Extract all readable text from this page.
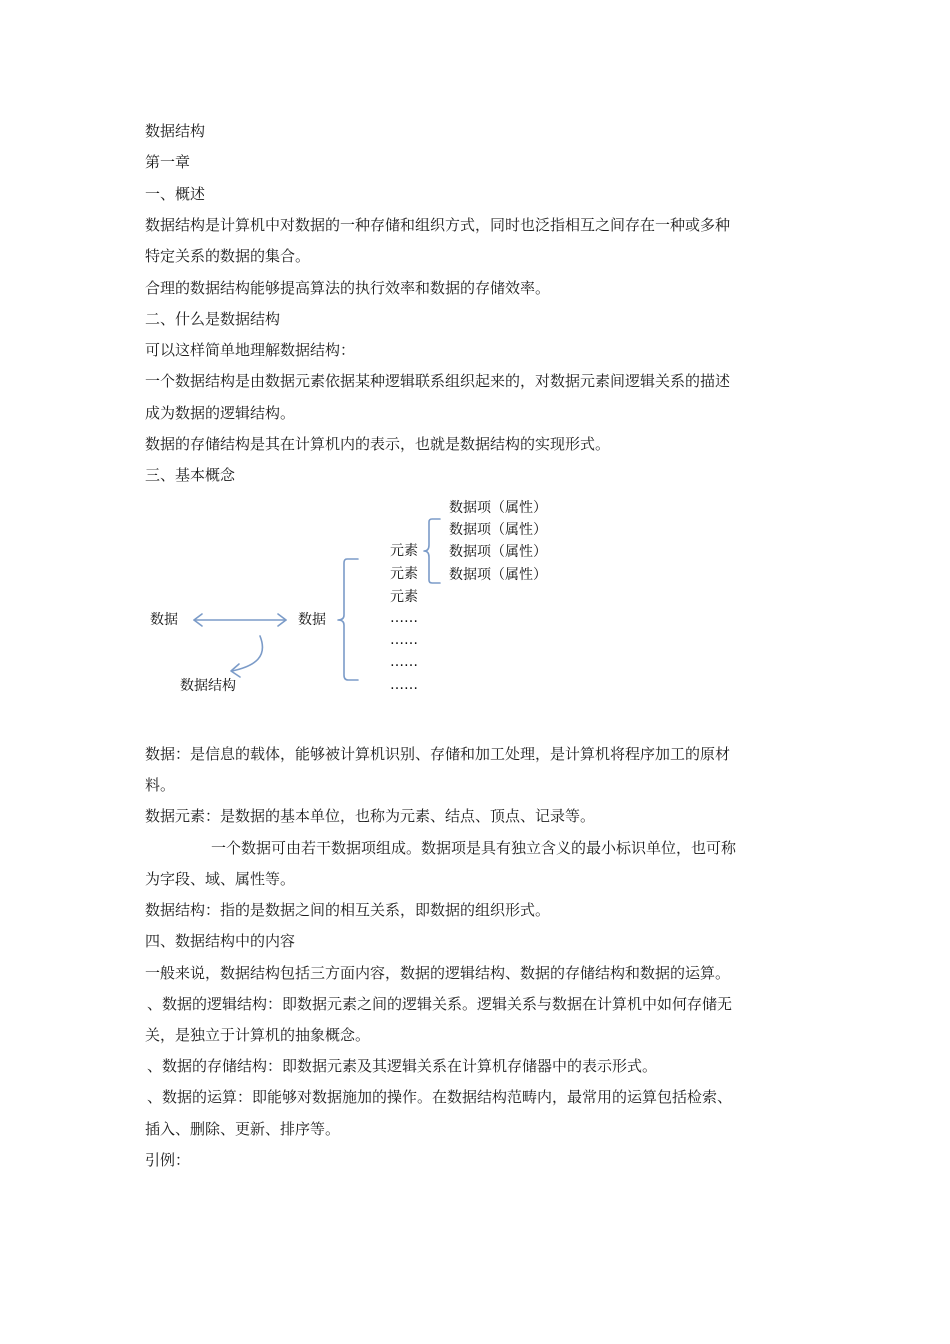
数据结构
第一章
一、概述
数据结构是计算机中对数据的一种存储和组织方式，同时也泛指相互之间存在一种或多种
特定关系的数据的集合。
合理的数据结构能够提高算法的执行效率和数据的存储效率。
二、什么是数据结构
可以这样简单地理解数据结构：
一个数据结构是由数据元素依据某种逻辑联系组织起来的，对数据元素间逻辑关系的描述
成为数据的逻辑结构。
数据的存储结构是其在计算机内的表示，也就是数据结构的实现形式。
三、基本概念
数据	数据
数据结构
元素
元素
元素
……
……
……
……
数据项（属性）
数据项（属性）
数据项（属性）
数据项（属性）
数据：是信息的载体，能够被计算机识别、存储和加工处理，是计算机将程序加工的原材
料。
数据元素：是数据的基本单位，也称为元素、结点、顶点、记录等。
一个数据可由若干数据项组成。数据项是具有独立含义的最小标识单位，也可称
为字段、域、属性等。
数据结构：指的是数据之间的相互关系，即数据的组织形式。
四、数据结构中的内容
一般来说，数据结构包括三方面内容，数据的逻辑结构、数据的存储结构和数据的运算。
、数据的逻辑结构：即数据元素之间的逻辑关系。逻辑关系与数据在计算机中如何存储无
关，是独立于计算机的抽象概念。
、数据的存储结构：即数据元素及其逻辑关系在计算机存储器中的表示形式。
、数据的运算：即能够对数据施加的操作。在数据结构范畴内，最常用的运算包括检索、
插入、删除、更新、排序等。
引例：
